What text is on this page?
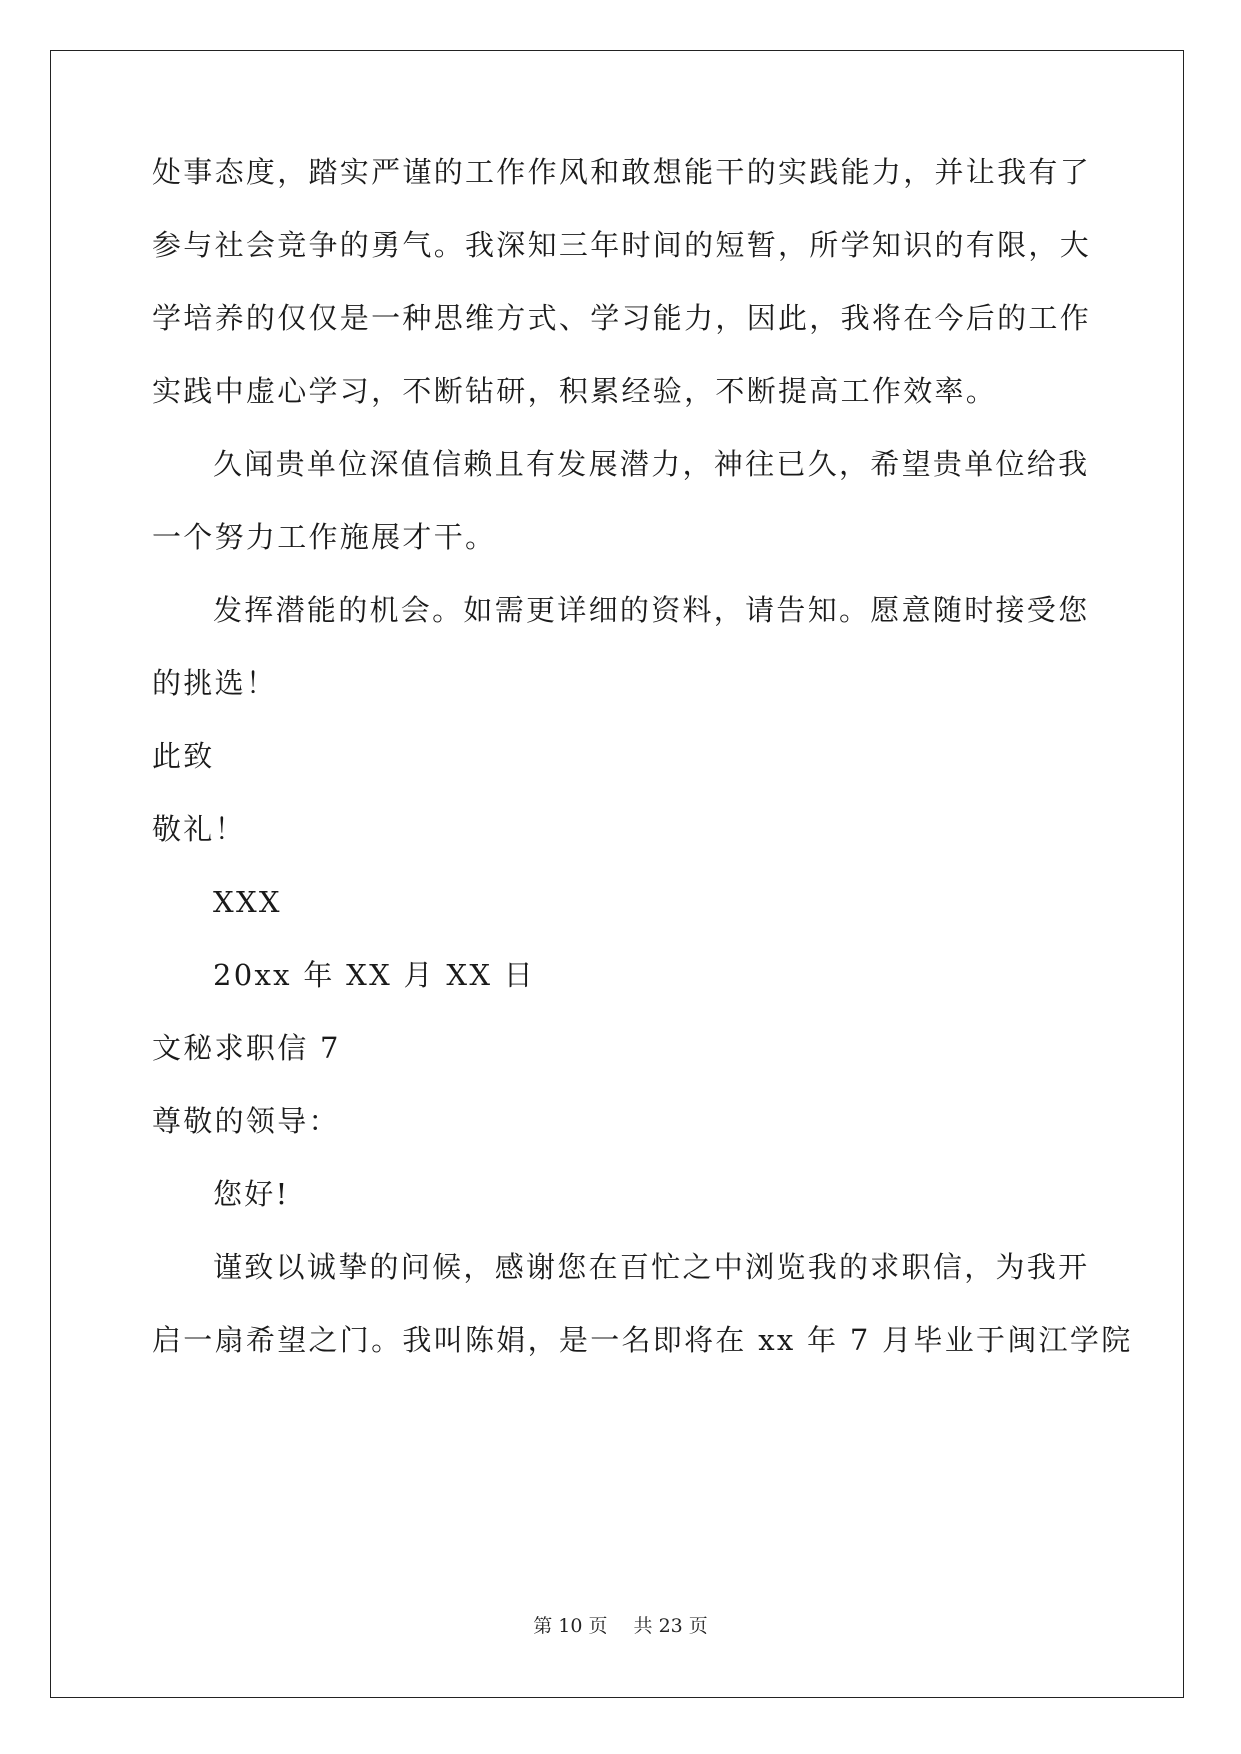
处事态度，踏实严谨的工作作风和敢想能干的实践能力，并让我有了
参与社会竞争的勇气。我深知三年时间的短暂，所学知识的有限，大
学培养的仅仅是一种思维方式、学习能力，因此，我将在今后的工作
实践中虚心学习，不断钻研，积累经验，不断提高工作效率。
久闻贵单位深值信赖且有发展潜力，神往已久，希望贵单位给我
一个努力工作施展才干。
发挥潜能的机会。如需更详细的资料，请告知。愿意随时接受您
的挑选！
此致
敬礼！
XXX
20xx 年 XX 月 XX 日
文秘求职信 7
尊敬的领导：
您好!
谨致以诚挚的问候，感谢您在百忙之中浏览我的求职信，为我开
启一扇希望之门。我叫陈娟，是一名即将在 xx 年 7 月毕业于闽江学院
第 10 页 共 23 页
